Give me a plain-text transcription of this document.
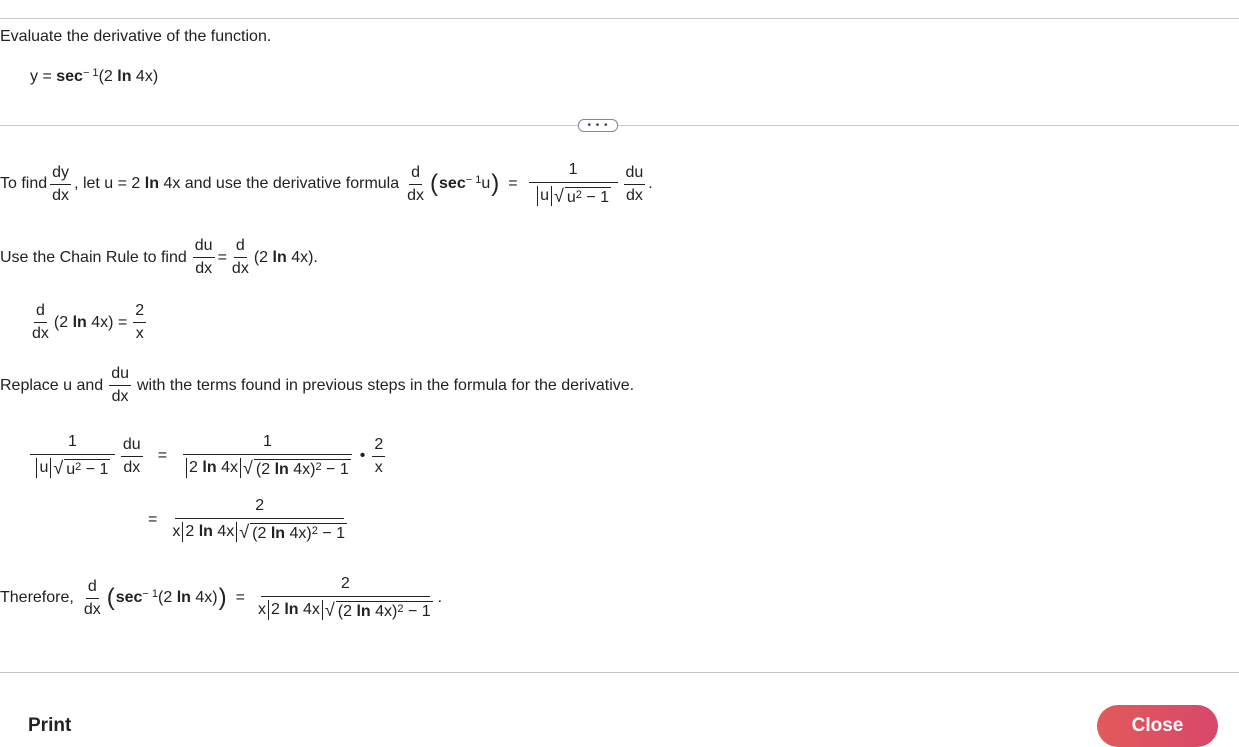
Evaluate the derivative of the function.
y =
$\sec^{- 1} (2$
ln
4x)
• • •
To find $\frac{dy}{dx}$ , let u = 2
ln
4x and use the derivative formula $\frac{d}{dx}$ ( $\sec^{- 1} u$ ) = $\frac{1}{u √ u^2 - 1} \frac{du}{dx}$ .
Use the Chain Rule to find $\frac{du}{dx} = \frac{d}{dx} (2$
ln
4x).
$\frac{d}{dx} (2$
ln
$4x) = \frac{2}{x}$
Replace u and $\frac{du}{dx}$ with the terms found in previous steps in the formula for the derivative.
$\frac{1}{u √ u^2 - 1} \frac{du}{dx} = 1$
2
ln
4x √ (2 ln 4x)$^2$ − 1 • $\frac{2}{x}$
= 2
x 2
ln
4x √ (2 ln 4x)$^2$ − 1
Therefore, $\frac{d}{dx}$ ( $\sec^{- 1} (2$
ln
4x) ) = 2
x 2
ln
4x √ (2 ln 4x)$^2$ − 1 .
Print	Close
